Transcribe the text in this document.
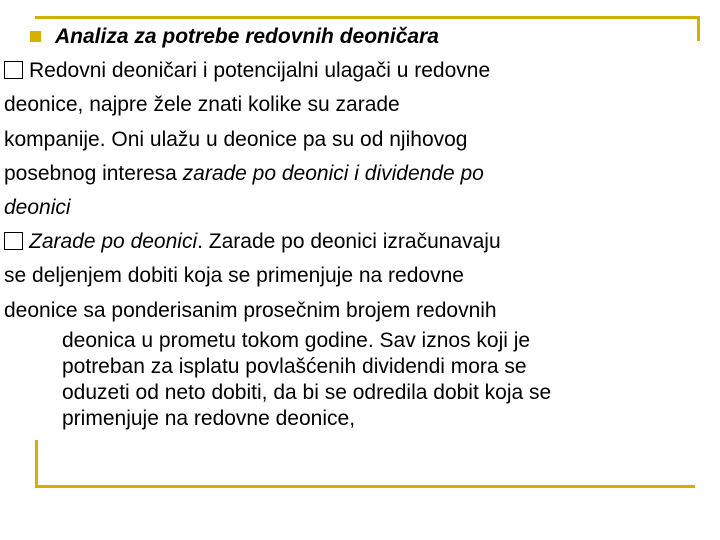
Analiza za potrebe redovnih deoničara
Redovni deoničari i potencijalni ulagači u redovne
deonice, najpre žele znati kolike su zarade
kompanije. Oni ulažu u deonice pa su od njihovog
posebnog interesa zarade po deonici i dividende po
deonici
Zarade po deonici. Zarade po deonici izračunavaju
se deljenjem dobiti koja se primenjuje na redovne
deonice sa ponderisanim prosečnim brojem redovnih
deonica u prometu tokom godine. Sav iznos koji je
potreban za isplatu povlašćenih dividendi mora se
oduzeti od neto dobiti, da bi se odredila dobit koja se
primenjuje na redovne deonice,
